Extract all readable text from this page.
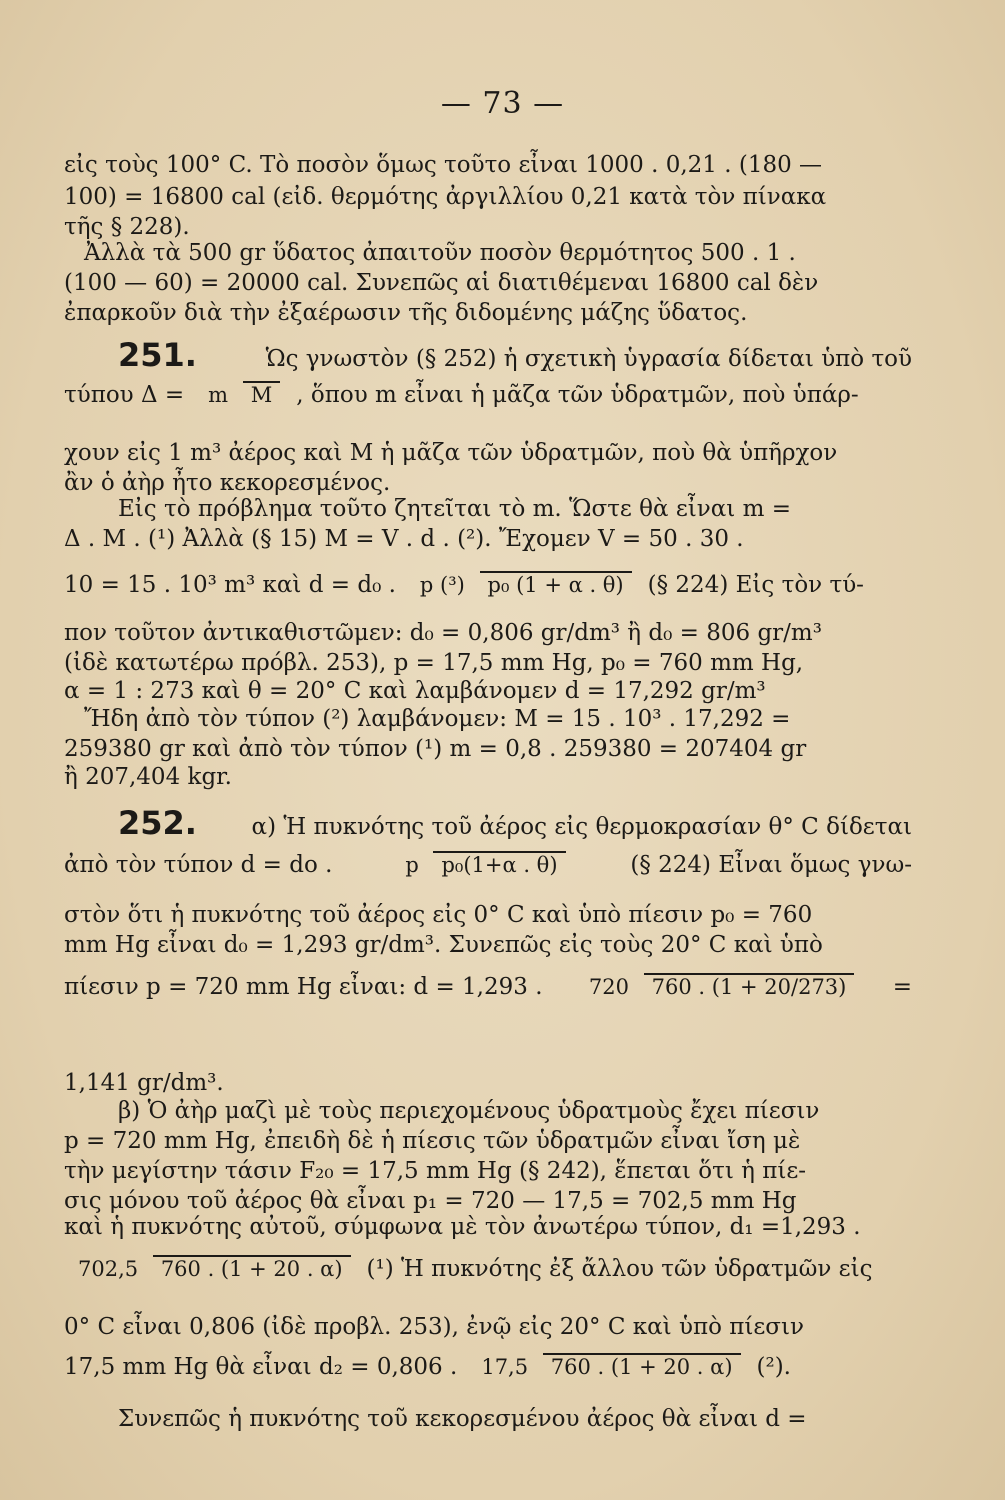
— 73 —
εἰς τοὺς 100° C. Τὸ ποσὸν ὅμως τοῦτο εἶναι 1000 . 0,21 . (180 —
100) = 16800 cal (εἰδ. θερμότης ἀργιλλίου 0,21 κατὰ τὸν πίνακα
τῆς § 228).
Ἀλλὰ τὰ 500 gr ὕδατος ἀπαιτοῦν ποσὸν θερμότητος 500 . 1 .
(100 — 60) = 20000 cal. Συνεπῶς αἱ διατιθέμεναι 16800 cal δὲν
ἐπαρκοῦν διὰ τὴν ἐξαέρωσιν τῆς διδομένης μάζης ὕδατος.
251.	Ὡς γνωστὸν (§ 252) ἡ σχετικὴ ὑγρασία δίδεται ὑπὸ τοῦ
τύπου Δ =	m M	, ὅπου m εἶναι ἡ μᾶζα τῶν ὑδρατμῶν, ποὺ ὑπάρ-
χουν εἰς 1 m³ ἀέρος καὶ M ἡ μᾶζα τῶν ὑδρατμῶν, ποὺ θὰ ὑπῆρχον
ἂν ὁ ἀὴρ ἦτο κεκορεσμένος.
Εἰς τὸ πρόβλημα τοῦτο ζητεῖται τὸ m. Ὥστε θὰ εἶναι m =
Δ . M . (¹) Ἀλλὰ (§ 15) M = V . d . (²). Ἔχομεν V = 50 . 30 .
10 = 15 . 10³ m³ καὶ d = d₀ .	p (³) p₀ (1 + α . θ)	(§ 224) Εἰς τὸν τύ-
πον τοῦτον ἀντικαθιστῶμεν: d₀ = 0,806 gr/dm³ ἢ d₀ = 806 gr/m³
(ἰδὲ κατωτέρω πρόβλ. 253), p = 17,5 mm Hg, p₀ = 760 mm Hg,
α = 1 : 273 καὶ θ = 20° C καὶ λαμβάνομεν d = 17,292 gr/m³
Ἤδη ἀπὸ τὸν τύπον (²) λαμβάνομεν: M = 15 . 10³ . 17,292 =
259380 gr καὶ ἀπὸ τὸν τύπον (¹) m = 0,8 . 259380 = 207404 gr
ἢ 207,404 kgr.
252. α) Ἡ πυκνότης τοῦ ἀέρος εἰς θερμοκρασίαν θ° C δίδεται
ἀπὸ τὸν τύπον d = do .	p p₀(1+α . θ)	(§ 224) Εἶναι ὅμως γνω-
στὸν ὅτι ἡ πυκνότης τοῦ ἀέρος εἰς 0° C καὶ ὑπὸ πίεσιν p₀ = 760
mm Hg εἶναι d₀ = 1,293 gr/dm³. Συνεπῶς εἰς τοὺς 20° C καὶ ὑπὸ
πίεσιν p = 720 mm Hg εἶναι: d = 1,293 .	720 760 . (1 + 20/273)	=
1,141 gr/dm³.
β) Ὁ ἀὴρ μαζὶ μὲ τοὺς περιεχομένους ὑδρατμοὺς ἔχει πίεσιν
p = 720 mm Hg, ἐπειδὴ δὲ ἡ πίεσις τῶν ὑδρατμῶν εἶναι ἴση μὲ
τὴν μεγίστην τάσιν F₂₀ = 17,5 mm Hg (§ 242), ἕπεται ὅτι ἡ πίε-
σις μόνου τοῦ ἀέρος θὰ εἶναι p₁ = 720 — 17,5 = 702,5 mm Hg
καὶ ἡ πυκνότης αὐτοῦ, σύμφωνα μὲ τὸν ἀνωτέρω τύπον, d₁ =1,293 .
702,5 760 . (1 + 20 . α)	(¹) Ἡ πυκνότης ἐξ ἄλλου τῶν ὑδρατμῶν εἰς
0° C εἶναι 0,806 (ἰδὲ προβλ. 253), ἐνῷ εἰς 20° C καὶ ὑπὸ πίεσιν
17,5 mm Hg θὰ εἶναι d₂ = 0,806 .	17,5 760 . (1 + 20 . α)	(²).
Συνεπῶς ἡ πυκνότης τοῦ κεκορεσμένου ἀέρος θὰ εἶναι d =
